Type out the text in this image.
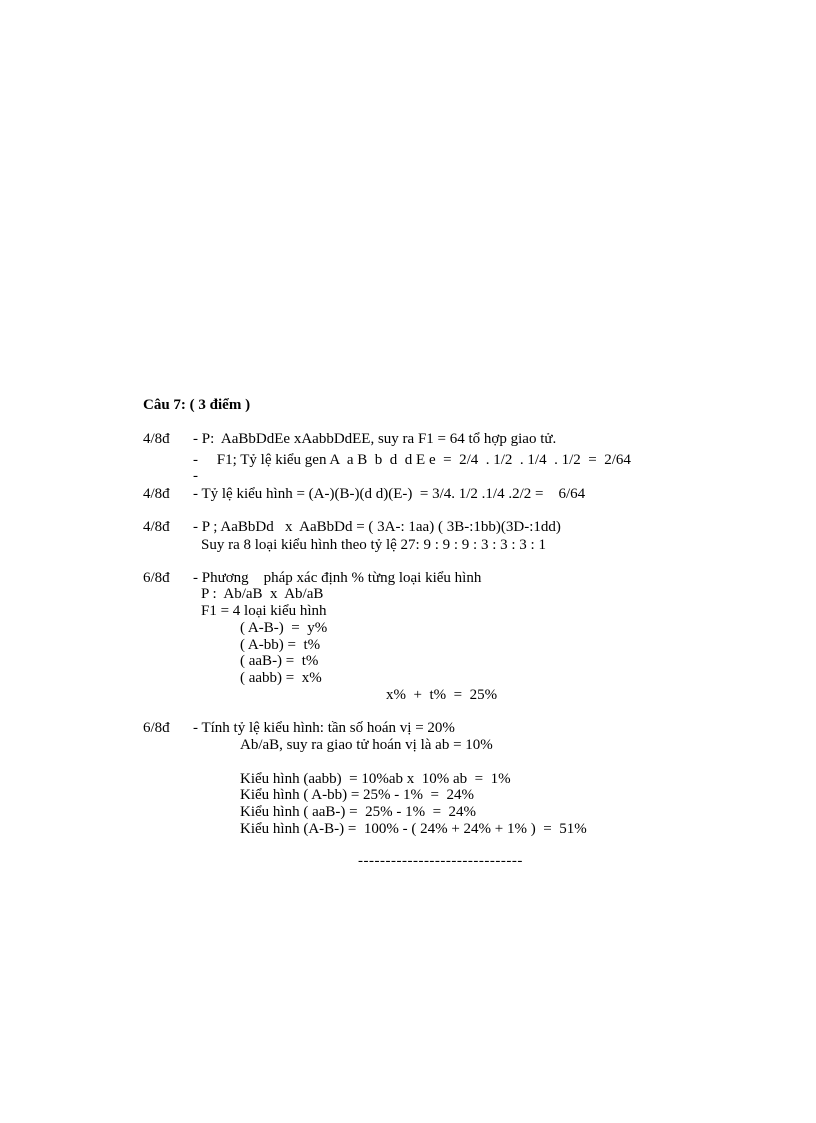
Câu 7: ( 3 điểm )
4/8đ - P:  AaBbDdEe xAabbDdEE, suy ra F1 = 64 tổ hợp giao tử.
-     F1; Tỷ lệ kiểu gen A  a B  b  d  d E e  =  2/4  . 1/2  . 1/4  . 1/2  =  2/64
-
4/8đ - Tỷ lệ kiểu hình = (A-)(B-)(d d)(E-)  = 3/4. 1/2 .1/4 .2/2 =    6/64
4/8đ - P ; AaBbDd   x  AaBbDd = ( 3A-: 1aa) ( 3B-:1bb)(3D-:1dd)
Suy ra 8 loại kiểu hình theo tỷ lệ 27: 9 : 9 : 9 : 3 : 3 : 3 : 1
6/8đ - Phương    pháp xác định % từng loại kiểu hình
P :  Ab/aB  x  Ab/aB
F1 = 4 loại kiểu hình
( A-B-)  =  y%
( A-bb) =  t%
( aaB-) =  t%
( aabb) =  x%
x%  +  t%  =  25%
6/8đ - Tính tỷ lệ kiểu hình: tần số hoán vị = 20%
Ab/aB, suy ra giao tử hoán vị là ab = 10%
Kiểu hình (aabb)  = 10%ab x  10% ab  =  1%
Kiểu hình ( A-bb) = 25% - 1%  =  24%
Kiểu hình ( aaB-) =  25% - 1%  =  24%
Kiểu hình (A-B-) =  100% - ( 24% + 24% + 1% )  =  51%
------------------------------
